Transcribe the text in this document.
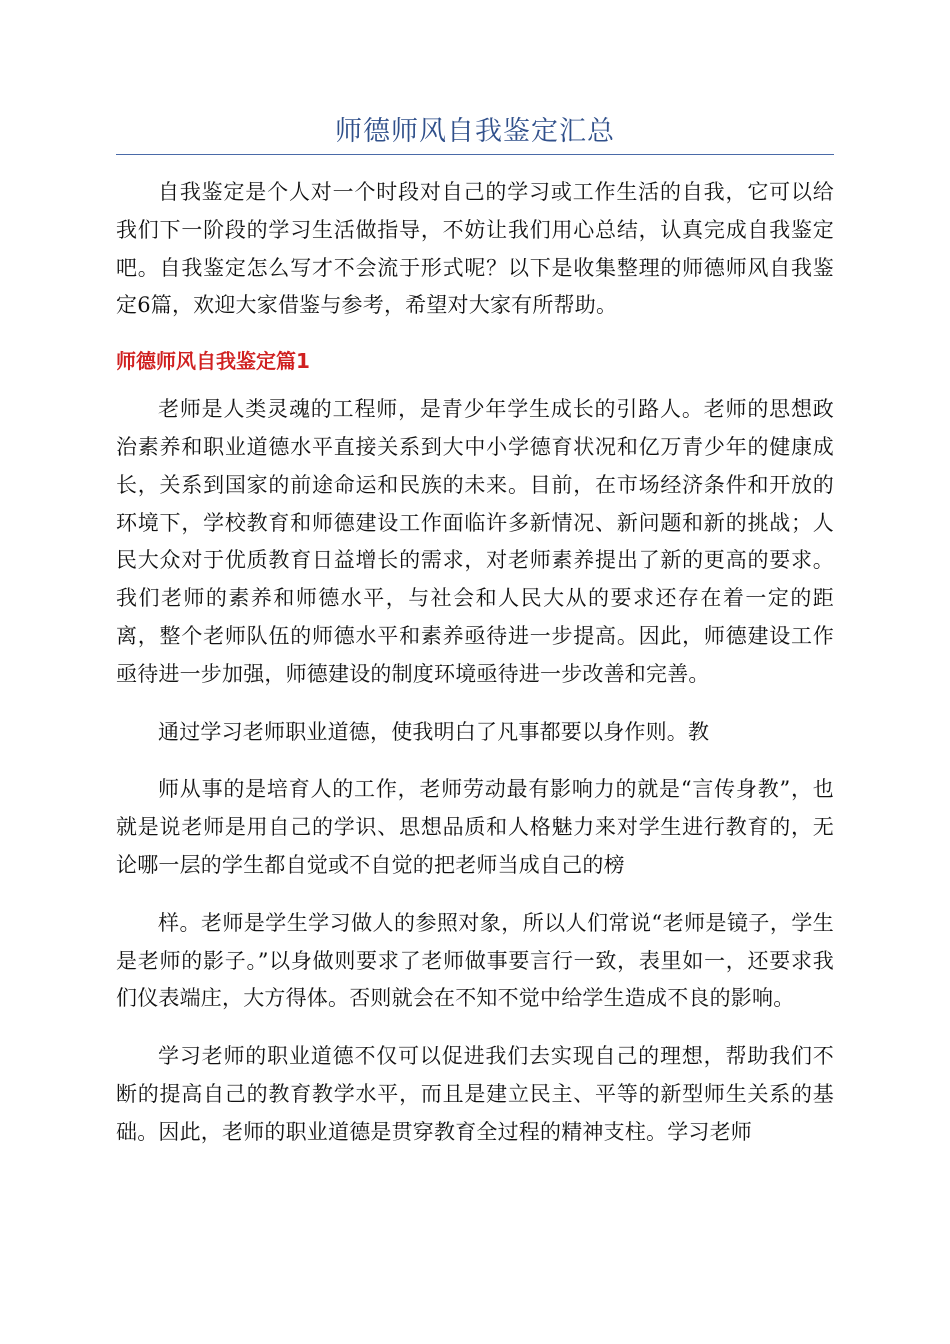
师德师风自我鉴定汇总

自我鉴定是个人对一个时段对自己的学习或工作生活的自我，它可以给我们下一阶段的学习生活做指导，不妨让我们用心总结，认真完成自我鉴定吧。自我鉴定怎么写才不会流于形式呢？以下是收集整理的师德师风自我鉴定6篇，欢迎大家借鉴与参考，希望对大家有所帮助。

师德师风自我鉴定篇1

老师是人类灵魂的工程师，是青少年学生成长的引路人。老师的思想政治素养和职业道德水平直接关系到大中小学德育状况和亿万青少年的健康成长，关系到国家的前途命运和民族的未来。目前，在市场经济条件和开放的环境下，学校教育和师德建设工作面临许多新情况、新问题和新的挑战；人民大众对于优质教育日益增长的需求，对老师素养提出了新的更高的要求。我们老师的素养和师德水平，与社会和人民大从的要求还存在着一定的距离，整个老师队伍的师德水平和素养亟待进一步提高。因此，师德建设工作亟待进一步加强，师德建设的制度环境亟待进一步改善和完善。

通过学习老师职业道德，使我明白了凡事都要以身作则。教

师从事的是培育人的工作，老师劳动最有影响力的就是“言传身教”，也就是说老师是用自己的学识、思想品质和人格魅力来对学生进行教育的，无论哪一层的学生都自觉或不自觉的把老师当成自己的榜

样。老师是学生学习做人的参照对象，所以人们常说“老师是镜子，学生是老师的影子。”以身做则要求了老师做事要言行一致，表里如一，还要求我们仪表端庄，大方得体。否则就会在不知不觉中给学生造成不良的影响。

学习老师的职业道德不仅可以促进我们去实现自己的理想，帮助我们不断的提高自己的教育教学水平，而且是建立民主、平等的新型师生关系的基础。因此，老师的职业道德是贯穿教育全过程的精神支柱。学习老师
